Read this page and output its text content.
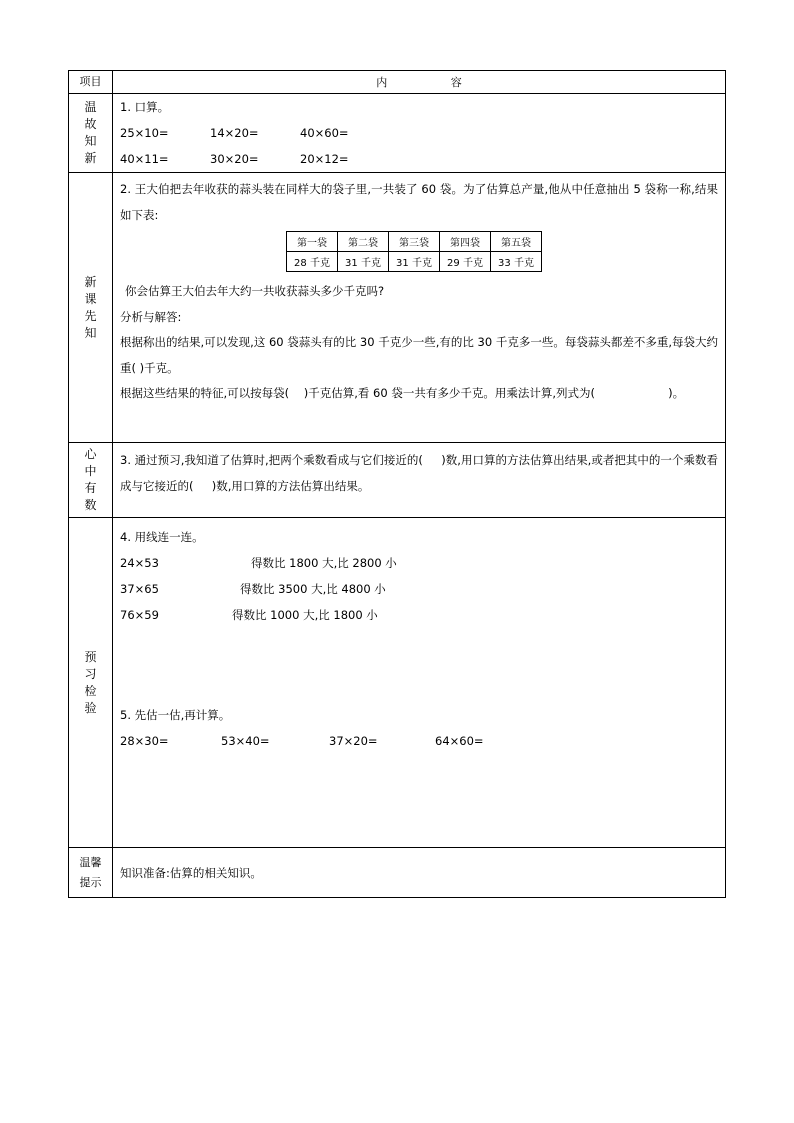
项目	内 容
温故知新	
1. 口算。
25×10=	14×20=	40×60=
40×11=	30×20=	20×12=

新课先知	
2. 王大伯把去年收获的蒜头装在同样大的袋子里,一共装了 60 袋。为了估算总产量,他从中任意抽出 5 袋称一称,结果如下表:
第一袋	第二袋	第三袋	第四袋	第五袋
28 千克	31 千克	31 千克	29 千克	33 千克
你会估算王大伯去年大约一共收获蒜头多少千克吗?
分析与解答:
根据称出的结果,可以发现,这 60 袋蒜头有的比 30 千克少一些,有的比 30 千克多一些。每袋蒜头都差不多重,每袋大约重( )千克。
根据这些结果的特征,可以按每袋(    )千克估算,看 60 袋一共有多少千克。用乘法计算,列式为(                    )。

心中有数	
3. 通过预习,我知道了估算时,把两个乘数看成与它们接近的(     )数,用口算的方法估算出结果,或者把其中的一个乘数看成与它接近的(     )数,用口算的方法估算出结果。

预习检验	
4. 用线连一连。
24×53	得数比 1800 大,比 2800 小
37×65	得数比 3500 大,比 4800 小
76×59	得数比 1000 大,比 1800 小
5. 先估一估,再计算。
28×30=	53×40=	37×20=	64×60=

温馨提示	
知识准备:估算的相关知识。
